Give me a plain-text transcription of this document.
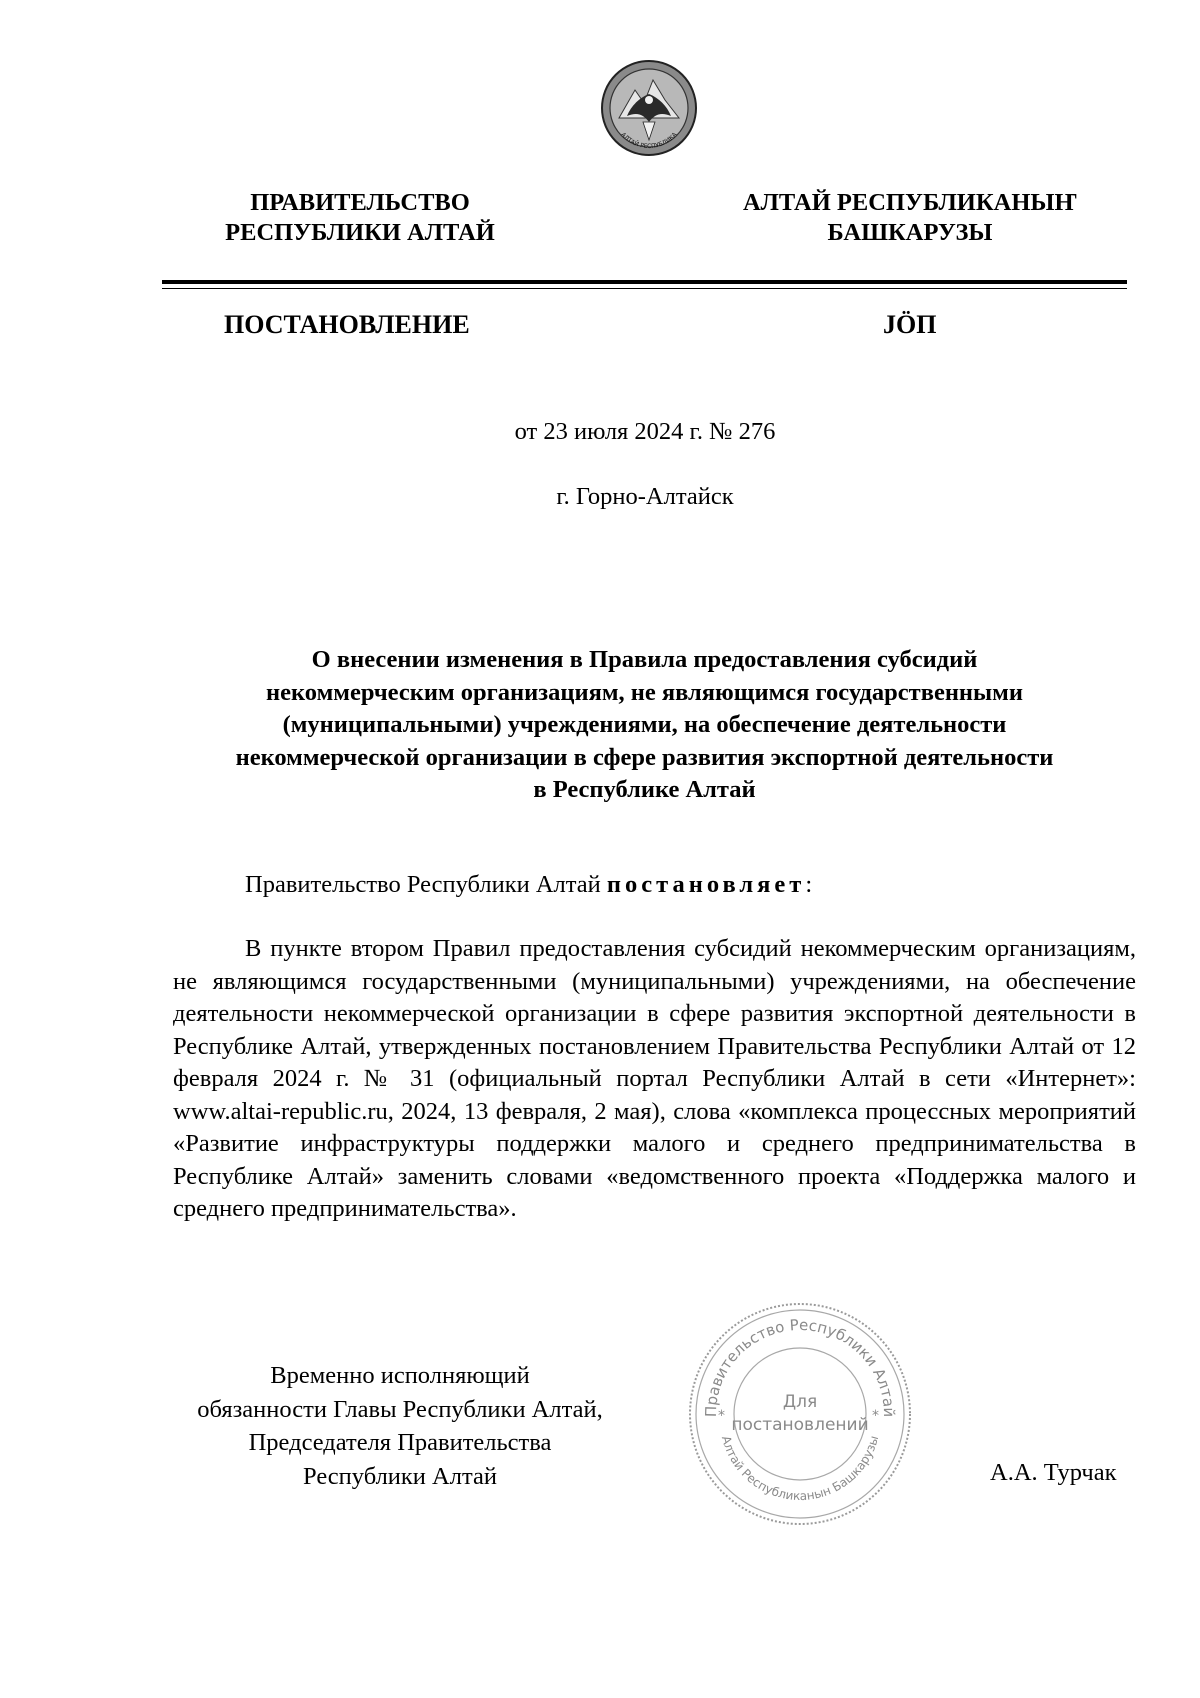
АЛТАЙ РЕСПУБЛИКА
ПРАВИТЕЛЬСТВО
РЕСПУБЛИКИ АЛТАЙ
АЛТАЙ РЕСПУБЛИКАНЫҤ
БАШКАРУЗЫ
ПОСТАНОВЛЕНИЕ	JӦП
от 23 июля 2024 г. № 276
г. Горно-Алтайск
О внесении изменения в Правила предоставления субсидий
некоммерческим организациям, не являющимся государственными
(муниципальными) учреждениями, на обеспечение деятельности
некоммерческой организации в сфере развития экспортной деятельности
в Республике Алтай
Правительство Республики Алтай постановляет:
В пункте втором Правил предоставления субсидий некоммерческим организациям, не являющимся государственными (муниципальными) учреждениями, на обеспечение деятельности некоммерческой организации в сфере развития экспортной деятельности в Республике Алтай, утвержденных постановлением Правительства Республики Алтай от 12 февраля 2024 г. № 31 (официальный портал Республики Алтай в сети «Интернет»: www.altai-republic.ru, 2024, 13 февраля, 2 мая), слова «комплекса процессных мероприятий «Развитие инфраструктуры поддержки малого и среднего предпринимательства в Республике Алтай» заменить словами «ведомственного проекта «Поддержка малого и среднего предпринимательства».
Временно исполняющий
обязанности Главы Республики Алтай,
Председателя Правительства
Республики Алтай
Правительство Республики Алтай
Алтай Республиканын Башкарузы
*	*
Для
постановлений
А.А. Турчак
